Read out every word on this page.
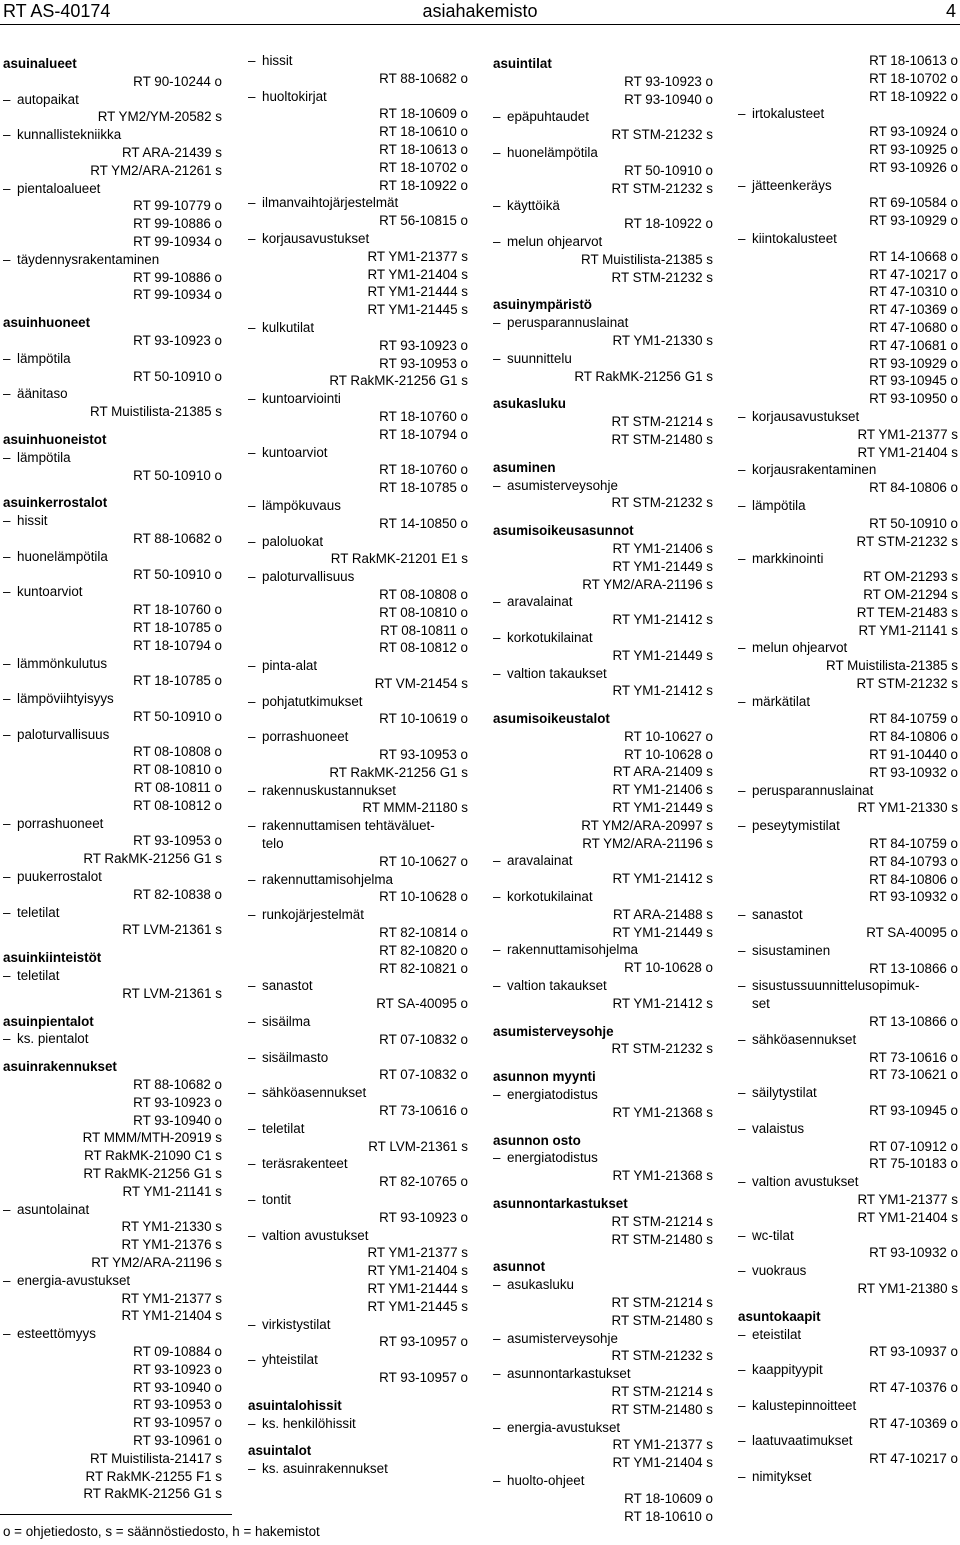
RT AS-40174	asiahakemisto	4
asuinalueet
RT 90-10244 o
– autopaikat
RT YM2/YM-20582 s
– kunnallistekniikka
RT ARA-21439 s
RT YM2/ARA-21261 s
– pientaloalueet
RT 99-10779 o
RT 99-10886 o
RT 99-10934 o
– täydennysrakentaminen
RT 99-10886 o
RT 99-10934 o
asuinhuoneet
RT 93-10923 o
– lämpötila
RT 50-10910 o
– äänitaso
RT Muistilista-21385 s
asuinhuoneistot
– lämpötila
RT 50-10910 o
asuinkerrostalot
– hissit
RT 88-10682 o
– huonelämpötila
RT 50-10910 o
– kuntoarviot
RT 18-10760 o
RT 18-10785 o
RT 18-10794 o
– lämmönkulutus
RT 18-10785 o
– lämpöviihtyisyys
RT 50-10910 o
– paloturvallisuus
RT 08-10808 o
RT 08-10810 o
RT 08-10811 o
RT 08-10812 o
– porrashuoneet
RT 93-10953 o
RT RakMK-21256 G1 s
– puukerrostalot
RT 82-10838 o
– teletilat
RT LVM-21361 s
asuinkiinteistöt
– teletilat
RT LVM-21361 s
asuinpientalot
– ks. pientalot
asuinrakennukset
RT 88-10682 o
RT 93-10923 o
RT 93-10940 o
RT MMM/MTH-20919 s
RT RakMK-21090 C1 s
RT RakMK-21256 G1 s
RT YM1-21141 s
– asuntolainat
RT YM1-21330 s
RT YM1-21376 s
RT YM2/ARA-21196 s
– energia-avustukset
RT YM1-21377 s
RT YM1-21404 s
– esteettömyys
RT 09-10884 o
RT 93-10923 o
RT 93-10940 o
RT 93-10953 o
RT 93-10957 o
RT 93-10961 o
RT Muistilista-21417 s
RT RakMK-21255 F1 s
RT RakMK-21256 G1 s
– hissit
RT 88-10682 o
– huoltokirjat
RT 18-10609 o
RT 18-10610 o
RT 18-10613 o
RT 18-10702 o
RT 18-10922 o
– ilmanvaihtojärjestelmät
RT 56-10815 o
– korjausavustukset
RT YM1-21377 s
RT YM1-21404 s
RT YM1-21444 s
RT YM1-21445 s
– kulkutilat
RT 93-10923 o
RT 93-10953 o
RT RakMK-21256 G1 s
– kuntoarviointi
RT 18-10760 o
RT 18-10794 o
– kuntoarviot
RT 18-10760 o
RT 18-10785 o
– lämpökuvaus
RT 14-10850 o
– paloluokat
RT RakMK-21201 E1 s
– paloturvallisuus
RT 08-10808 o
RT 08-10810 o
RT 08-10811 o
RT 08-10812 o
– pinta-alat
RT VM-21454 s
– pohjatutkimukset
RT 10-10619 o
– porrashuoneet
RT 93-10953 o
RT RakMK-21256 G1 s
– rakennuskustannukset
RT MMM-21180 s
– rakennuttamisen tehtäväluet-
telo
RT 10-10627 o
– rakennuttamisohjelma
RT 10-10628 o
– runkojärjestelmät
RT 82-10814 o
RT 82-10820 o
RT 82-10821 o
– sanastot
RT SA-40095 o
– sisäilma
RT 07-10832 o
– sisäilmasto
RT 07-10832 o
– sähköasennukset
RT 73-10616 o
– teletilat
RT LVM-21361 s
– teräsrakenteet
RT 82-10765 o
– tontit
RT 93-10923 o
– valtion avustukset
RT YM1-21377 s
RT YM1-21404 s
RT YM1-21444 s
RT YM1-21445 s
– virkistystilat
RT 93-10957 o
– yhteistilat
RT 93-10957 o
asuintalohissit
– ks. henkilöhissit
asuintalot
– ks. asuinrakennukset
asuintilat
RT 93-10923 o
RT 93-10940 o
– epäpuhtaudet
RT STM-21232 s
– huonelämpötila
RT 50-10910 o
RT STM-21232 s
– käyttöikä
RT 18-10922 o
– melun ohjearvot
RT Muistilista-21385 s
RT STM-21232 s
asuinympäristö
– perusparannuslainat
RT YM1-21330 s
– suunnittelu
RT RakMK-21256 G1 s
asukasluku
RT STM-21214 s
RT STM-21480 s
asuminen
– asumisterveysohje
RT STM-21232 s
asumisoikeusasunnot
RT YM1-21406 s
RT YM1-21449 s
RT YM2/ARA-21196 s
– aravalainat
RT YM1-21412 s
– korkotukilainat
RT YM1-21449 s
– valtion takaukset
RT YM1-21412 s
asumisoikeustalot
RT 10-10627 o
RT 10-10628 o
RT ARA-21409 s
RT YM1-21406 s
RT YM1-21449 s
RT YM2/ARA-20997 s
RT YM2/ARA-21196 s
– aravalainat
RT YM1-21412 s
– korkotukilainat
RT ARA-21488 s
RT YM1-21449 s
– rakennuttamisohjelma
RT 10-10628 o
– valtion takaukset
RT YM1-21412 s
asumisterveysohje
RT STM-21232 s
asunnon myynti
– energiatodistus
RT YM1-21368 s
asunnon osto
– energiatodistus
RT YM1-21368 s
asunnontarkastukset
RT STM-21214 s
RT STM-21480 s
asunnot
– asukasluku
RT STM-21214 s
RT STM-21480 s
– asumisterveysohje
RT STM-21232 s
– asunnontarkastukset
RT STM-21214 s
RT STM-21480 s
– energia-avustukset
RT YM1-21377 s
RT YM1-21404 s
– huolto-ohjeet
RT 18-10609 o
RT 18-10610 o
RT 18-10613 o
RT 18-10702 o
RT 18-10922 o
– irtokalusteet
RT 93-10924 o
RT 93-10925 o
RT 93-10926 o
– jätteenkeräys
RT 69-10584 o
RT 93-10929 o
– kiintokalusteet
RT 14-10668 o
RT 47-10217 o
RT 47-10310 o
RT 47-10369 o
RT 47-10680 o
RT 47-10681 o
RT 93-10929 o
RT 93-10945 o
RT 93-10950 o
– korjausavustukset
RT YM1-21377 s
RT YM1-21404 s
– korjausrakentaminen
RT 84-10806 o
– lämpötila
RT 50-10910 o
RT STM-21232 s
– markkinointi
RT OM-21293 s
RT OM-21294 s
RT TEM-21483 s
RT YM1-21141 s
– melun ohjearvot
RT Muistilista-21385 s
RT STM-21232 s
– märkätilat
RT 84-10759 o
RT 84-10806 o
RT 91-10440 o
RT 93-10932 o
– perusparannuslainat
RT YM1-21330 s
– peseytymistilat
RT 84-10759 o
RT 84-10793 o
RT 84-10806 o
RT 93-10932 o
– sanastot
RT SA-40095 o
– sisustaminen
RT 13-10866 o
– sisustussuunnittelusopimuk-
set
RT 13-10866 o
– sähköasennukset
RT 73-10616 o
RT 73-10621 o
– säilytystilat
RT 93-10945 o
– valaistus
RT 07-10912 o
RT 75-10183 o
– valtion avustukset
RT YM1-21377 s
RT YM1-21404 s
– wc-tilat
RT 93-10932 o
– vuokraus
RT YM1-21380 s
asuntokaapit
– eteistilat
RT 93-10937 o
– kaappityypit
RT 47-10376 o
– kalustepinnoitteet
RT 47-10369 o
– laatuvaatimukset
RT 47-10217 o
– nimitykset
o = ohjetiedosto, s = säännöstiedosto, h = hakemistot
